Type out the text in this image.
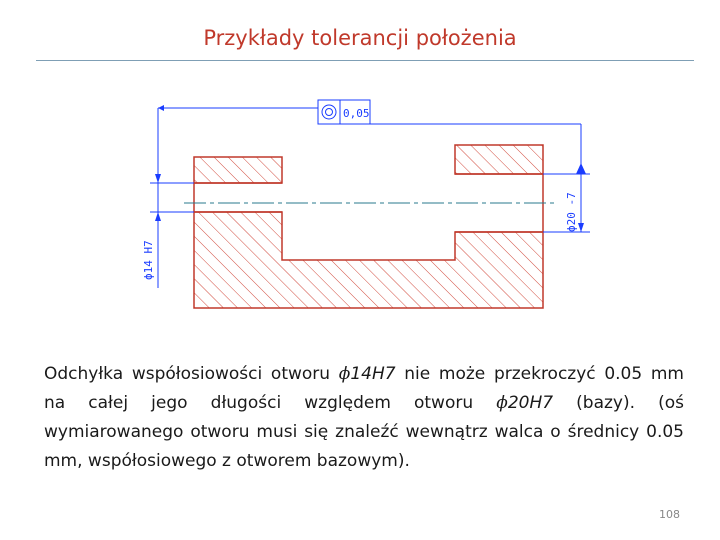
Przykłady tolerancji położenia
ϕ14 H7
ϕ20 -7
0,05

Odchyłka współosiowości otworu ϕ14H7 nie może przekroczyć 0.05 mm na całej jego długości względem otworu ϕ20H7 (bazy). (oś wymiarowanego otworu musi się znaleźć wewnątrz walca o średnicy 0.05 mm, współosiowego z otworem bazowym).

108
